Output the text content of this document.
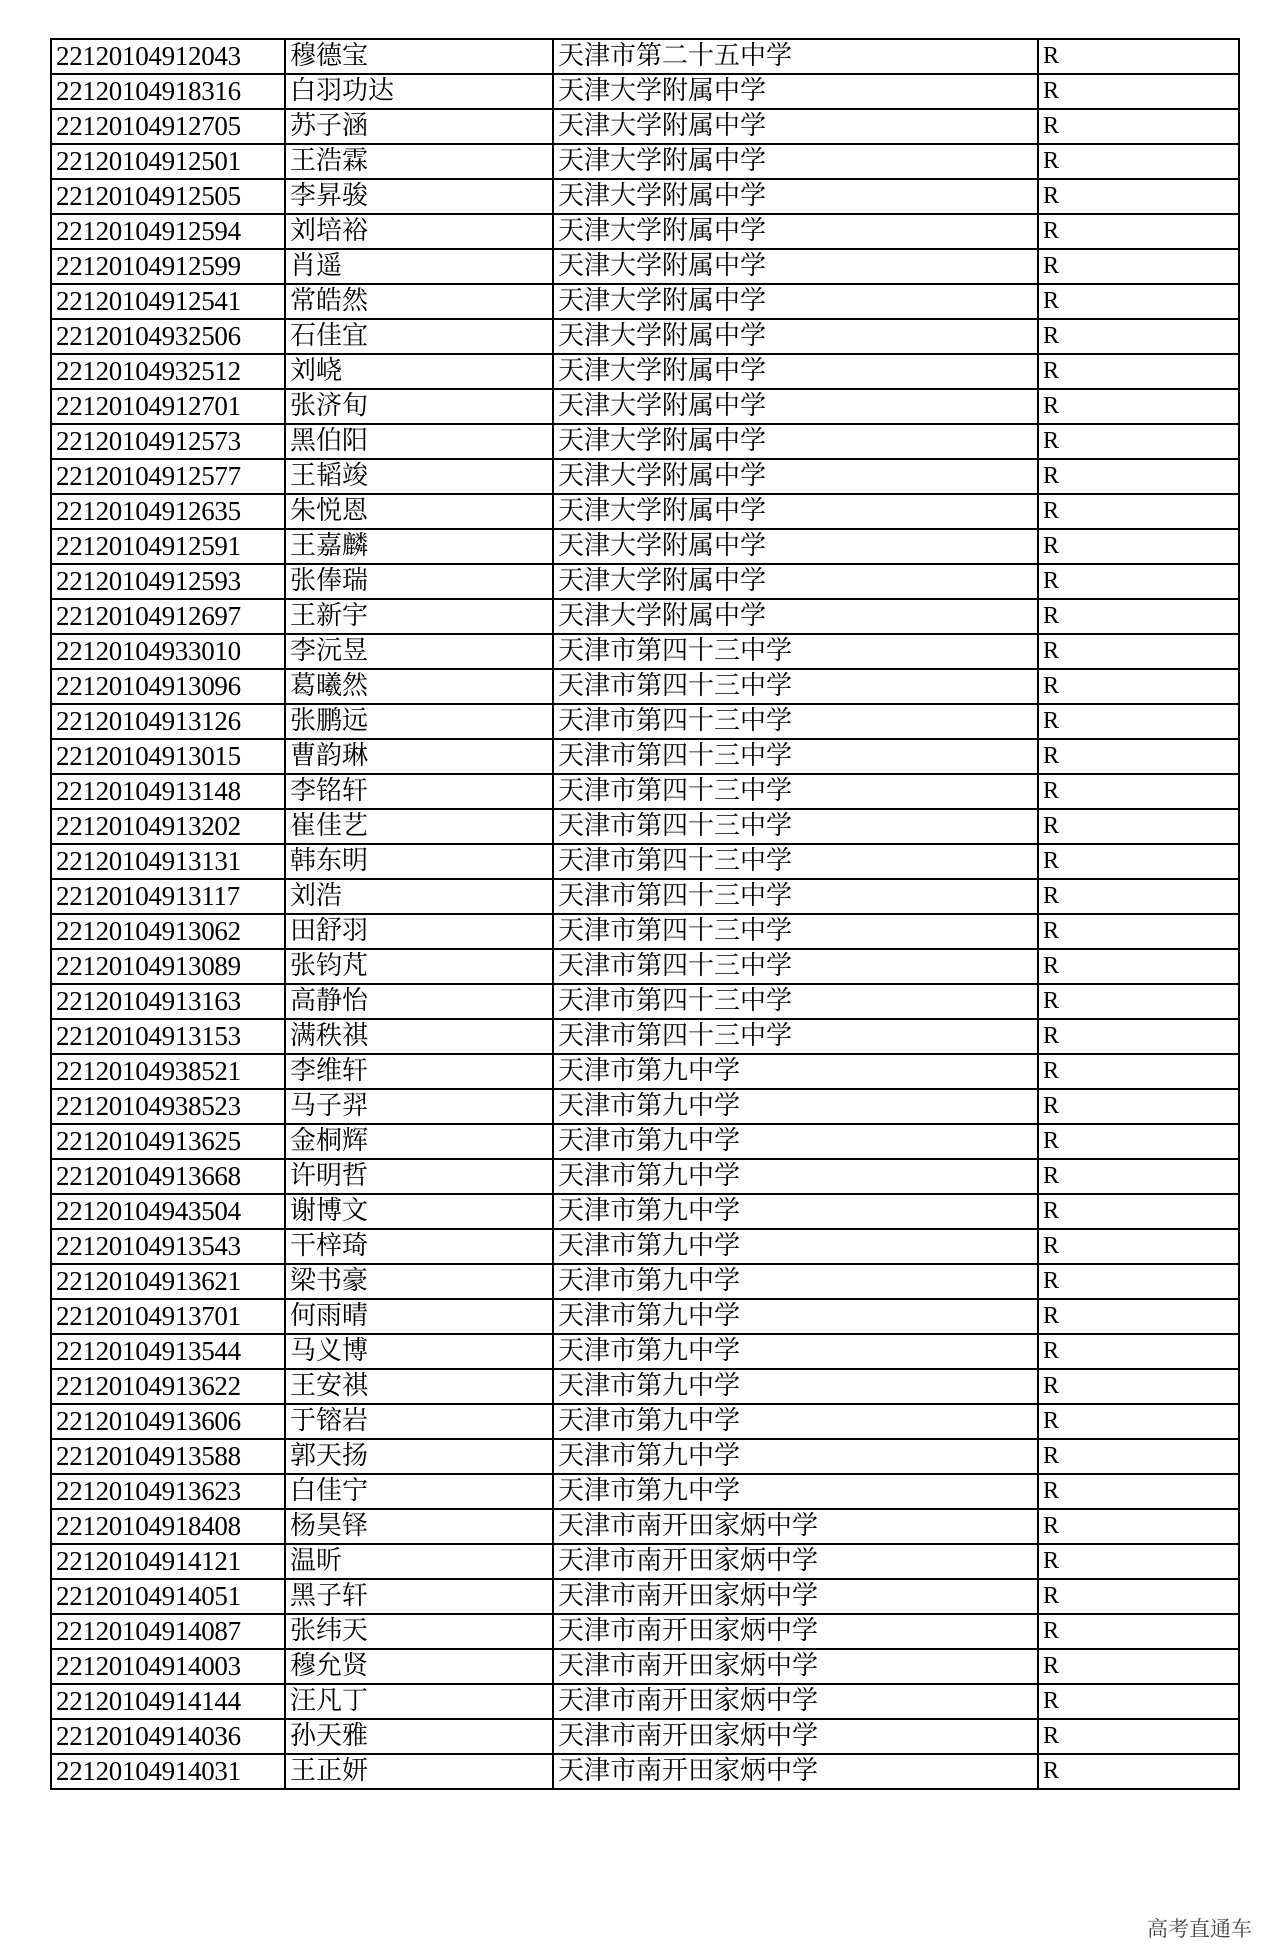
22120104912043	穆德宝	天津市第二十五中学	R
22120104918316	白羽功达	天津大学附属中学	R
22120104912705	苏子涵	天津大学附属中学	R
22120104912501	王浩霖	天津大学附属中学	R
22120104912505	李昇骏	天津大学附属中学	R
22120104912594	刘培裕	天津大学附属中学	R
22120104912599	肖遥	天津大学附属中学	R
22120104912541	常皓然	天津大学附属中学	R
22120104932506	石佳宜	天津大学附属中学	R
22120104932512	刘峣	天津大学附属中学	R
22120104912701	张济旬	天津大学附属中学	R
22120104912573	黑伯阳	天津大学附属中学	R
22120104912577	王韬竣	天津大学附属中学	R
22120104912635	朱悦恩	天津大学附属中学	R
22120104912591	王嘉麟	天津大学附属中学	R
22120104912593	张俸瑞	天津大学附属中学	R
22120104912697	王新宇	天津大学附属中学	R
22120104933010	李沅昱	天津市第四十三中学	R
22120104913096	葛曦然	天津市第四十三中学	R
22120104913126	张鹏远	天津市第四十三中学	R
22120104913015	曹韵琳	天津市第四十三中学	R
22120104913148	李铭轩	天津市第四十三中学	R
22120104913202	崔佳艺	天津市第四十三中学	R
22120104913131	韩东明	天津市第四十三中学	R
22120104913117	刘浩	天津市第四十三中学	R
22120104913062	田舒羽	天津市第四十三中学	R
22120104913089	张钧芃	天津市第四十三中学	R
22120104913163	高静怡	天津市第四十三中学	R
22120104913153	满秩祺	天津市第四十三中学	R
22120104938521	李维轩	天津市第九中学	R
22120104938523	马子羿	天津市第九中学	R
22120104913625	金桐辉	天津市第九中学	R
22120104913668	许明哲	天津市第九中学	R
22120104943504	谢博文	天津市第九中学	R
22120104913543	干梓琦	天津市第九中学	R
22120104913621	梁书豪	天津市第九中学	R
22120104913701	何雨晴	天津市第九中学	R
22120104913544	马义博	天津市第九中学	R
22120104913622	王安祺	天津市第九中学	R
22120104913606	于镕岩	天津市第九中学	R
22120104913588	郭天扬	天津市第九中学	R
22120104913623	白佳宁	天津市第九中学	R
22120104918408	杨昊铎	天津市南开田家炳中学	R
22120104914121	温昕	天津市南开田家炳中学	R
22120104914051	黑子轩	天津市南开田家炳中学	R
22120104914087	张纬天	天津市南开田家炳中学	R
22120104914003	穆允贤	天津市南开田家炳中学	R
22120104914144	汪凡丁	天津市南开田家炳中学	R
22120104914036	孙天雅	天津市南开田家炳中学	R
22120104914031	王正妍	天津市南开田家炳中学	R
高考直通车
